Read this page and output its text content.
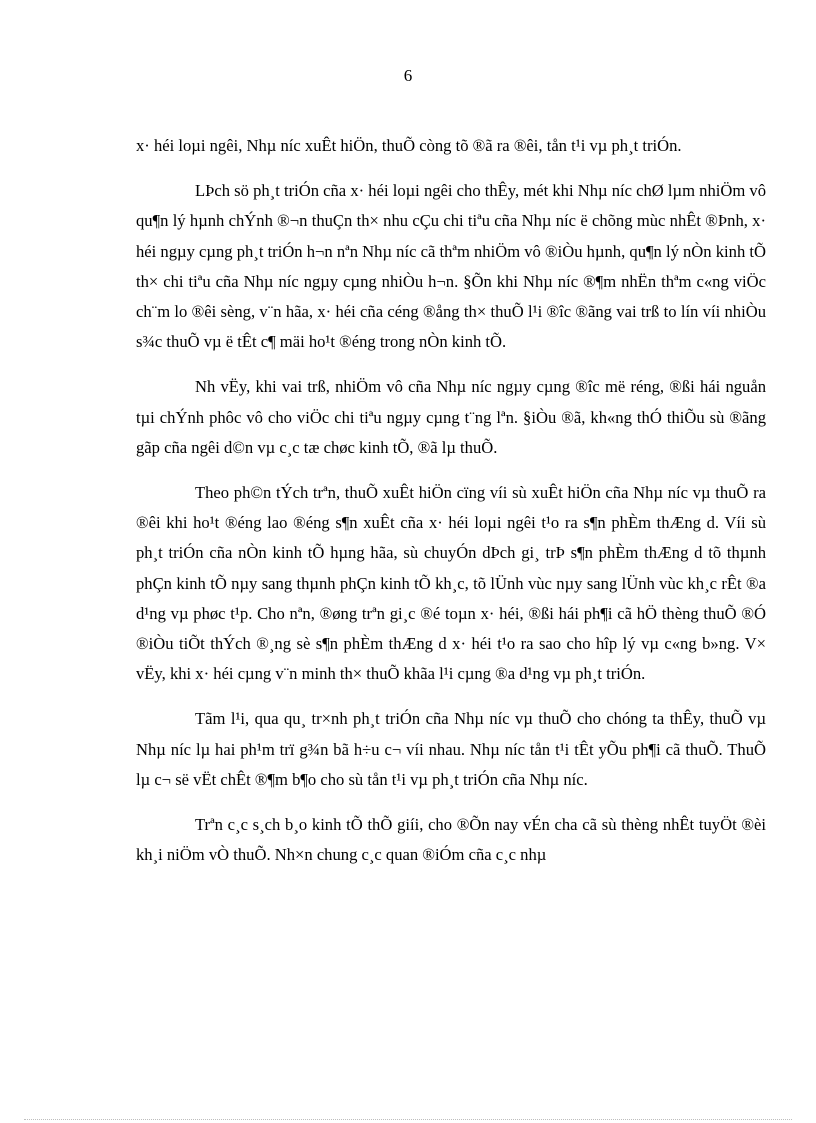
6

x· héi loµi ngêi, Nhµ níc xuÊt hiÖn, thuÕ còng tõ ®ã ra ®êi, tån t¹i vµ ph¸t triÓn.

LÞch sö ph¸t triÓn cña x· héi loµi ngêi cho thÊy, mét khi Nhµ níc chØ lµm nhiÖm vô qu¶n lý hµnh chÝnh ®¬n thuÇn th× nhu cÇu chi tiªu cña Nhµ níc ë chõng mùc nhÊt ®Þnh, x· héi ngµy cµng ph¸t triÓn h¬n nªn Nhµ níc cã thªm nhiÖm vô ®iÒu hµnh, qu¶n lý nÒn kinh tÕ th× chi tiªu cña Nhµ níc ngµy cµng nhiÒu h¬n. §Õn khi Nhµ níc ®¶m nhËn thªm c«ng viÖc ch¨m lo ®êi sèng, v¨n hãa, x· héi cña céng ®ång th× thuÕ l¹i ®îc ®ãng vai trß to lín víi nhiÒu s¾c thuÕ vµ ë tÊt c¶ mäi ho¹t ®éng trong nÒn kinh tÕ.

Nh vËy, khi vai trß, nhiÖm vô cña Nhµ níc ngµy cµng ®îc më réng, ®ßi hái nguån tµi chÝnh phôc vô cho viÖc chi tiªu ngµy cµng t¨ng lªn. §iÒu ®ã, kh«ng thÓ thiÕu sù ®ãng gãp cña ngêi d©n vµ c¸c tæ chøc kinh tÕ, ®ã lµ thuÕ.

Theo ph©n tÝch trªn, thuÕ xuÊt hiÖn cïng víi sù xuÊt hiÖn cña Nhµ níc vµ thuÕ ra ®êi khi ho¹t ®éng lao ®éng s¶n xuÊt cña x· héi loµi ngêi t¹o ra s¶n phÈm thÆng d. Víi sù ph¸t triÓn cña nÒn kinh tÕ hµng hãa, sù chuyÓn dÞch gi¸ trÞ s¶n phÈm thÆng d tõ thµnh phÇn kinh tÕ nµy sang thµnh phÇn kinh tÕ kh¸c, tõ lÜnh vùc nµy sang lÜnh vùc kh¸c rÊt ®a d¹ng vµ phøc t¹p. Cho nªn, ®øng trªn gi¸c ®é toµn x· héi, ®ßi hái ph¶i cã hÖ thèng thuÕ ®Ó ®iÒu tiÕt thÝch ®¸ng sè s¶n phÈm thÆng d x· héi t¹o ra sao cho hîp lý vµ c«ng b»ng. V× vËy, khi x· héi cµng v¨n minh th× thuÕ khãa l¹i cµng ®a d¹ng vµ ph¸t triÓn.

Tãm l¹i, qua qu¸ tr×nh ph¸t triÓn cña Nhµ níc vµ thuÕ cho chóng ta thÊy, thuÕ vµ Nhµ níc lµ hai ph¹m trï g¾n bã h÷u c¬ víi nhau. Nhµ níc tån t¹i tÊt yÕu ph¶i cã thuÕ. ThuÕ lµ c¬ së vËt chÊt ®¶m b¶o cho sù tån t¹i vµ ph¸t triÓn cña Nhµ níc.

Trªn c¸c s¸ch b¸o kinh tÕ thÕ giíi, cho ®Õn nay vÉn cha cã sù thèng nhÊt tuyÖt ®èi kh¸i niÖm vÒ thuÕ. Nh×n chung c¸c quan ®iÓm cña c¸c nhµ
